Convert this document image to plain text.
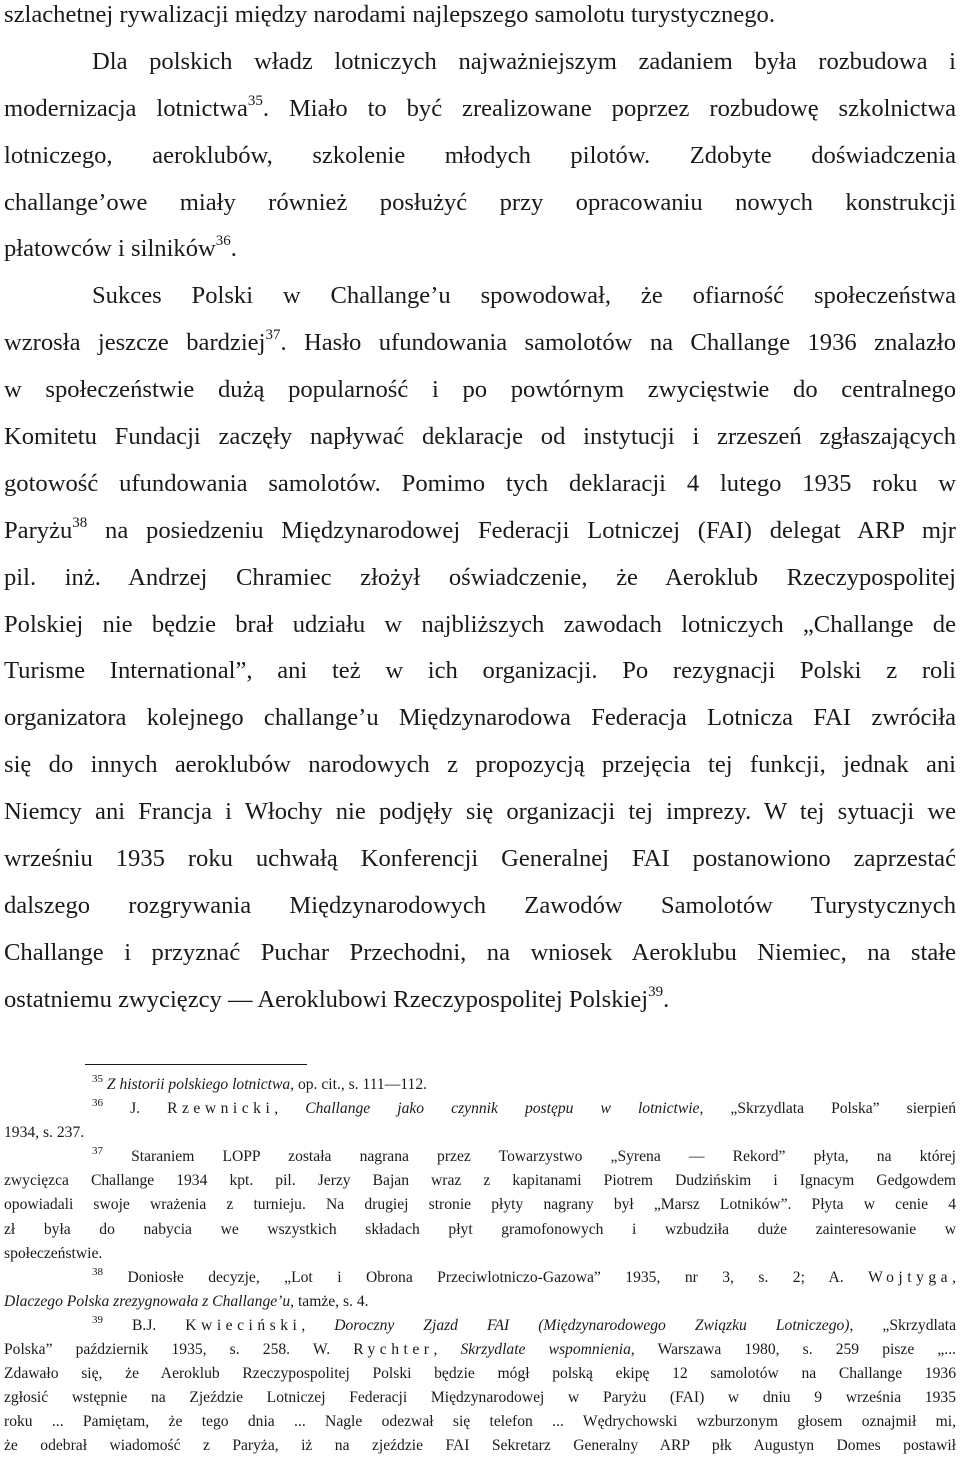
szlachetnej rywalizacji między narodami najlepszego samolotu turystycznego.
Dla polskich władz lotniczych najważniejszym zadaniem była rozbudowa i
modernizacja lotnictwa$^{35}$. Miało to być zrealizowane poprzez rozbudowę szkolnictwa
lotniczego, aeroklubów, szkolenie młodych pilotów. Zdobyte doświadczenia
challange’owe miały również posłużyć przy opracowaniu nowych konstrukcji
płatowców i silników$^{36}$.
Sukces Polski w Challange’u spowodował, że ofiarność społeczeństwa
wzrosła jeszcze bardziej$^{37}$. Hasło ufundowania samolotów na Challange 1936 znalazło
w społeczeństwie dużą popularność i po powtórnym zwycięstwie do centralnego
Komitetu Fundacji zaczęły napływać deklaracje od instytucji i zrzeszeń zgłaszających
gotowość ufundowania samolotów. Pomimo tych deklaracji 4 lutego 1935 roku w
Paryżu$^{38}$ na posiedzeniu Międzynarodowej Federacji Lotniczej (FAI) delegat ARP mjr
pil. inż. Andrzej Chramiec złożył oświadczenie, że Aeroklub Rzeczypospolitej
Polskiej nie będzie brał udziału w najbliższych zawodach lotniczych „Challange de
Turisme International”, ani też w ich organizacji. Po rezygnacji Polski z roli
organizatora kolejnego challange’u Międzynarodowa Federacja Lotnicza FAI zwróciła
się do innych aeroklubów narodowych z propozycją przejęcia tej funkcji, jednak ani
Niemcy ani Francja i Włochy nie podjęły się organizacji tej imprezy. W tej sytuacji we
wrześniu 1935 roku uchwałą Konferencji Generalnej FAI postanowiono zaprzestać
dalszego rozgrywania Międzynarodowych Zawodów Samolotów Turystycznych
Challange i przyznać Puchar Przechodni, na wniosek Aeroklubu Niemiec, na stałe
ostatniemu zwycięzcy — Aeroklubowi Rzeczypospolitej Polskiej$^{39}$.
$^{35}$ Z historii polskiego lotnictwa, op. cit., s. 111—112.
$^{36}$ J. Rzewnicki, Challange jako czynnik postępu w lotnictwie, „Skrzydlata Polska” sierpień
1934, s. 237.
$^{37}$ Staraniem LOPP została nagrana przez Towarzystwo „Syrena — Rekord” płyta, na której
zwycięzca Challange 1934 kpt. pil. Jerzy Bajan wraz z kapitanami Piotrem Dudzińskim i Ignacym Gedgowdem
opowiadali swoje wrażenia z turnieju. Na drugiej stronie płyty nagrany był „Marsz Lotników”. Płyta w cenie 4
zł była do nabycia we wszystkich składach płyt gramofonowych i wzbudziła duże zainteresowanie w
społeczeństwie.
$^{38}$ Doniosłe decyzje, „Lot i Obrona Przeciwlotniczo-Gazowa” 1935, nr 3, s. 2; A. Wojtyga,
Dlaczego Polska zrezygnowała z Challange’u, tamże, s. 4.
$^{39}$ B.J. Kwieciński, Doroczny Zjazd FAI (Międzynarodowego Związku Lotniczego), „Skrzydlata
Polska” październik 1935, s. 258. W. Rychter, Skrzydlate wspomnienia, Warszawa 1980, s. 259 pisze „...
Zdawało się, że Aeroklub Rzeczypospolitej Polski będzie mógł polską ekipę 12 samolotów na Challange 1936
zgłosić wstępnie na Zjeździe Lotniczej Federacji Międzynarodowej w Paryżu (FAI) w dniu 9 września 1935
roku ... Pamiętam, że tego dnia ... Nagle odezwał się telefon ... Wędrychowski wzburzonym głosem oznajmił mi,
że odebrał wiadomość z Paryża, iż na zjeździe FAI Sekretarz Generalny ARP płk Augustyn Domes postawił
